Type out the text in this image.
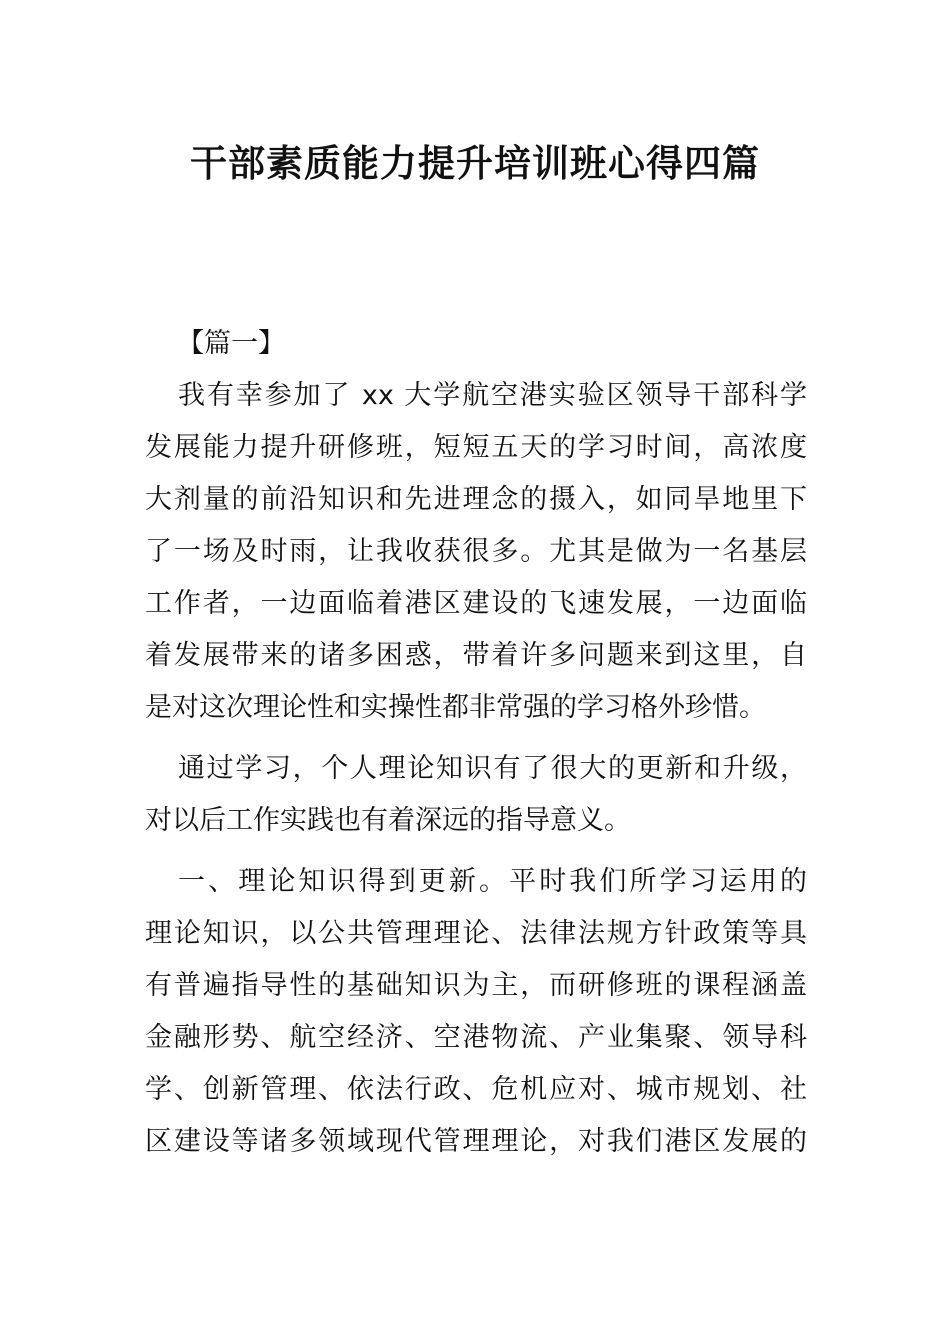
干部素质能力提升培训班心得四篇
【篇一】
我有幸参加了 xx 大学航空港实验区领导干部科学
发展能力提升研修班，短短五天的学习时间，高浓度
大剂量的前沿知识和先进理念的摄入，如同旱地里下
了一场及时雨，让我收获很多。尤其是做为一名基层
工作者，一边面临着港区建设的飞速发展，一边面临
着发展带来的诸多困惑，带着许多问题来到这里，自
是对这次理论性和实操性都非常强的学习格外珍惜。
通过学习，个人理论知识有了很大的更新和升级，
对以后工作实践也有着深远的指导意义。
一、理论知识得到更新。平时我们所学习运用的
理论知识，以公共管理理论、法律法规方针政策等具
有普遍指导性的基础知识为主，而研修班的课程涵盖
金融形势、航空经济、空港物流、产业集聚、领导科
学、创新管理、依法行政、危机应对、城市规划、社
区建设等诸多领域现代管理理论，对我们港区发展的
